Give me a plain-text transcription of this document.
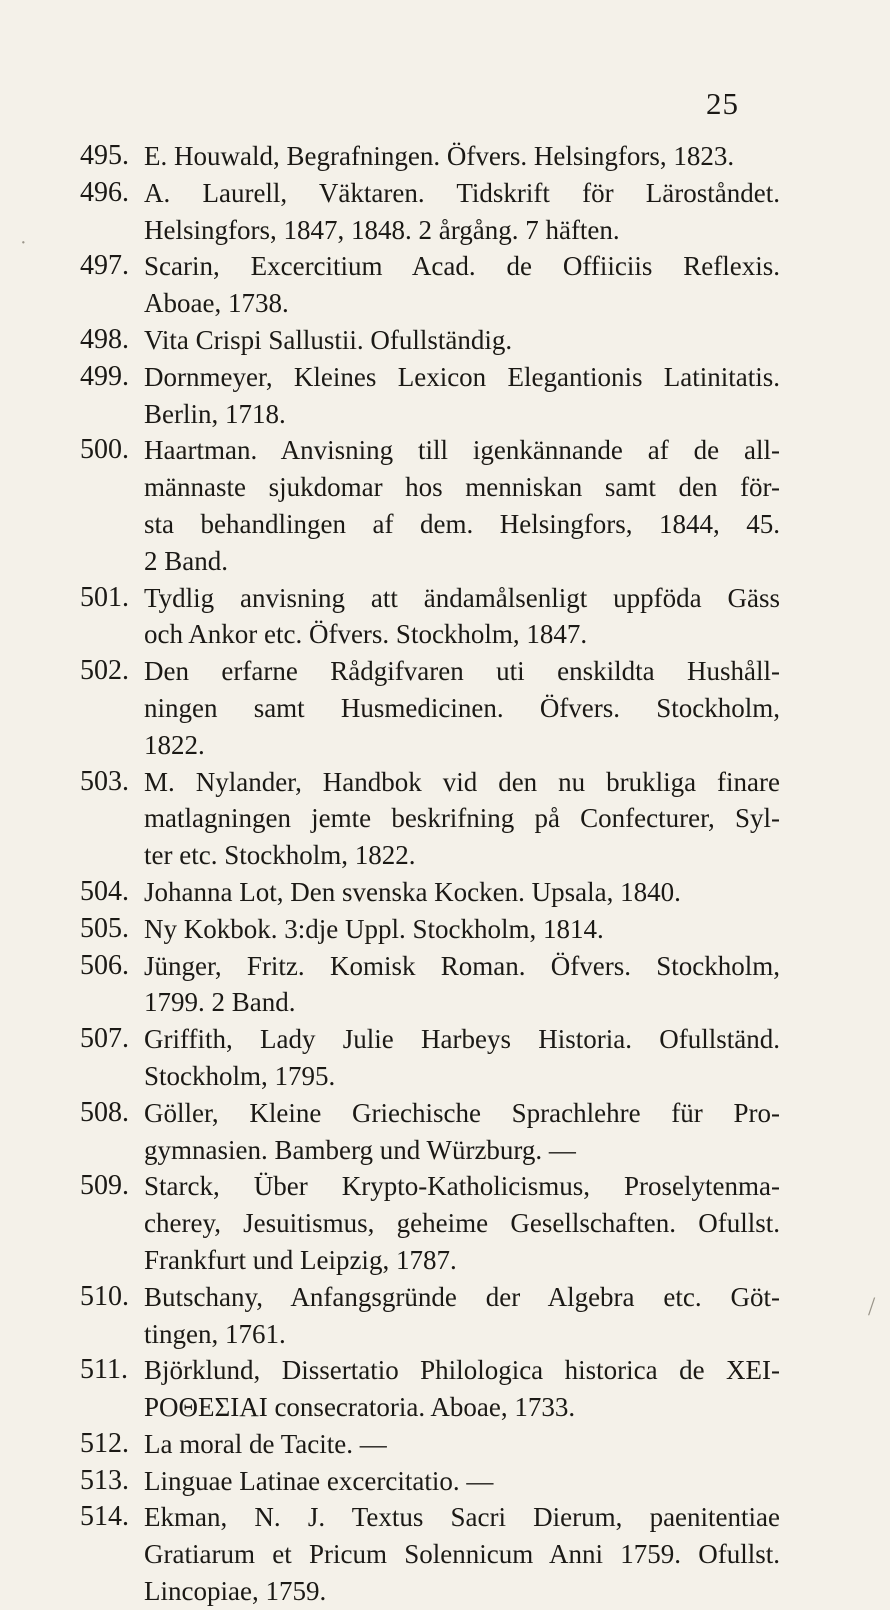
25
·
/
495. E. Houwald, Begrafningen. Öfvers. Helsingfors, 1823.
496. A. Laurell, Väktaren. Tidskrift för Läroståndet.
Helsingfors, 1847, 1848. 2 årgång. 7 häften.
497. Scarin, Excercitium Acad. de Offiiciis Reflexis.
Aboae, 1738.
498. Vita Crispi Sallustii. Ofullständig.
499. Dornmeyer, Kleines Lexicon Elegantionis Latinitatis.
Berlin, 1718.
500. Haartman. Anvisning till igenkännande af de all-
männaste sjukdomar hos menniskan samt den för-
sta behandlingen af dem. Helsingfors, 1844, 45.
2 Band.
501. Tydlig anvisning att ändamålsenligt uppföda Gäss
och Ankor etc. Öfvers. Stockholm, 1847.
502. Den erfarne Rådgifvaren uti enskildta Hushåll-
ningen samt Husmedicinen. Öfvers. Stockholm,
1822.
503. M. Nylander, Handbok vid den nu brukliga finare
matlagningen jemte beskrifning på Confecturer, Syl-
ter etc. Stockholm, 1822.
504. Johanna Lot, Den svenska Kocken. Upsala, 1840.
505. Ny Kokbok. 3:dje Uppl. Stockholm, 1814.
506. Jünger, Fritz. Komisk Roman. Öfvers. Stockholm,
1799. 2 Band.
507. Griffith, Lady Julie Harbeys Historia. Ofullständ.
Stockholm, 1795.
508. Göller, Kleine Griechische Sprachlehre für Pro-
gymnasien. Bamberg und Würzburg. —
509. Starck, Über Krypto-Katholicismus, Proselytenma-
cherey, Jesuitismus, geheime Gesellschaften. Ofullst.
Frankfurt und Leipzig, 1787.
510. Butschany, Anfangsgründe der Algebra etc. Göt-
tingen, 1761.
511. Björklund, Dissertatio Philologica historica de ΧΕΙ-
ΡΟΘΕΣΙΑΙ consecratoria. Aboae, 1733.
512. La moral de Tacite. —
513. Linguae Latinae excercitatio. —
514. Ekman, N. J. Textus Sacri Dierum, paenitentiae
Gratiarum et Pricum Solennicum Anni 1759. Ofullst.
Lincopiae, 1759.
